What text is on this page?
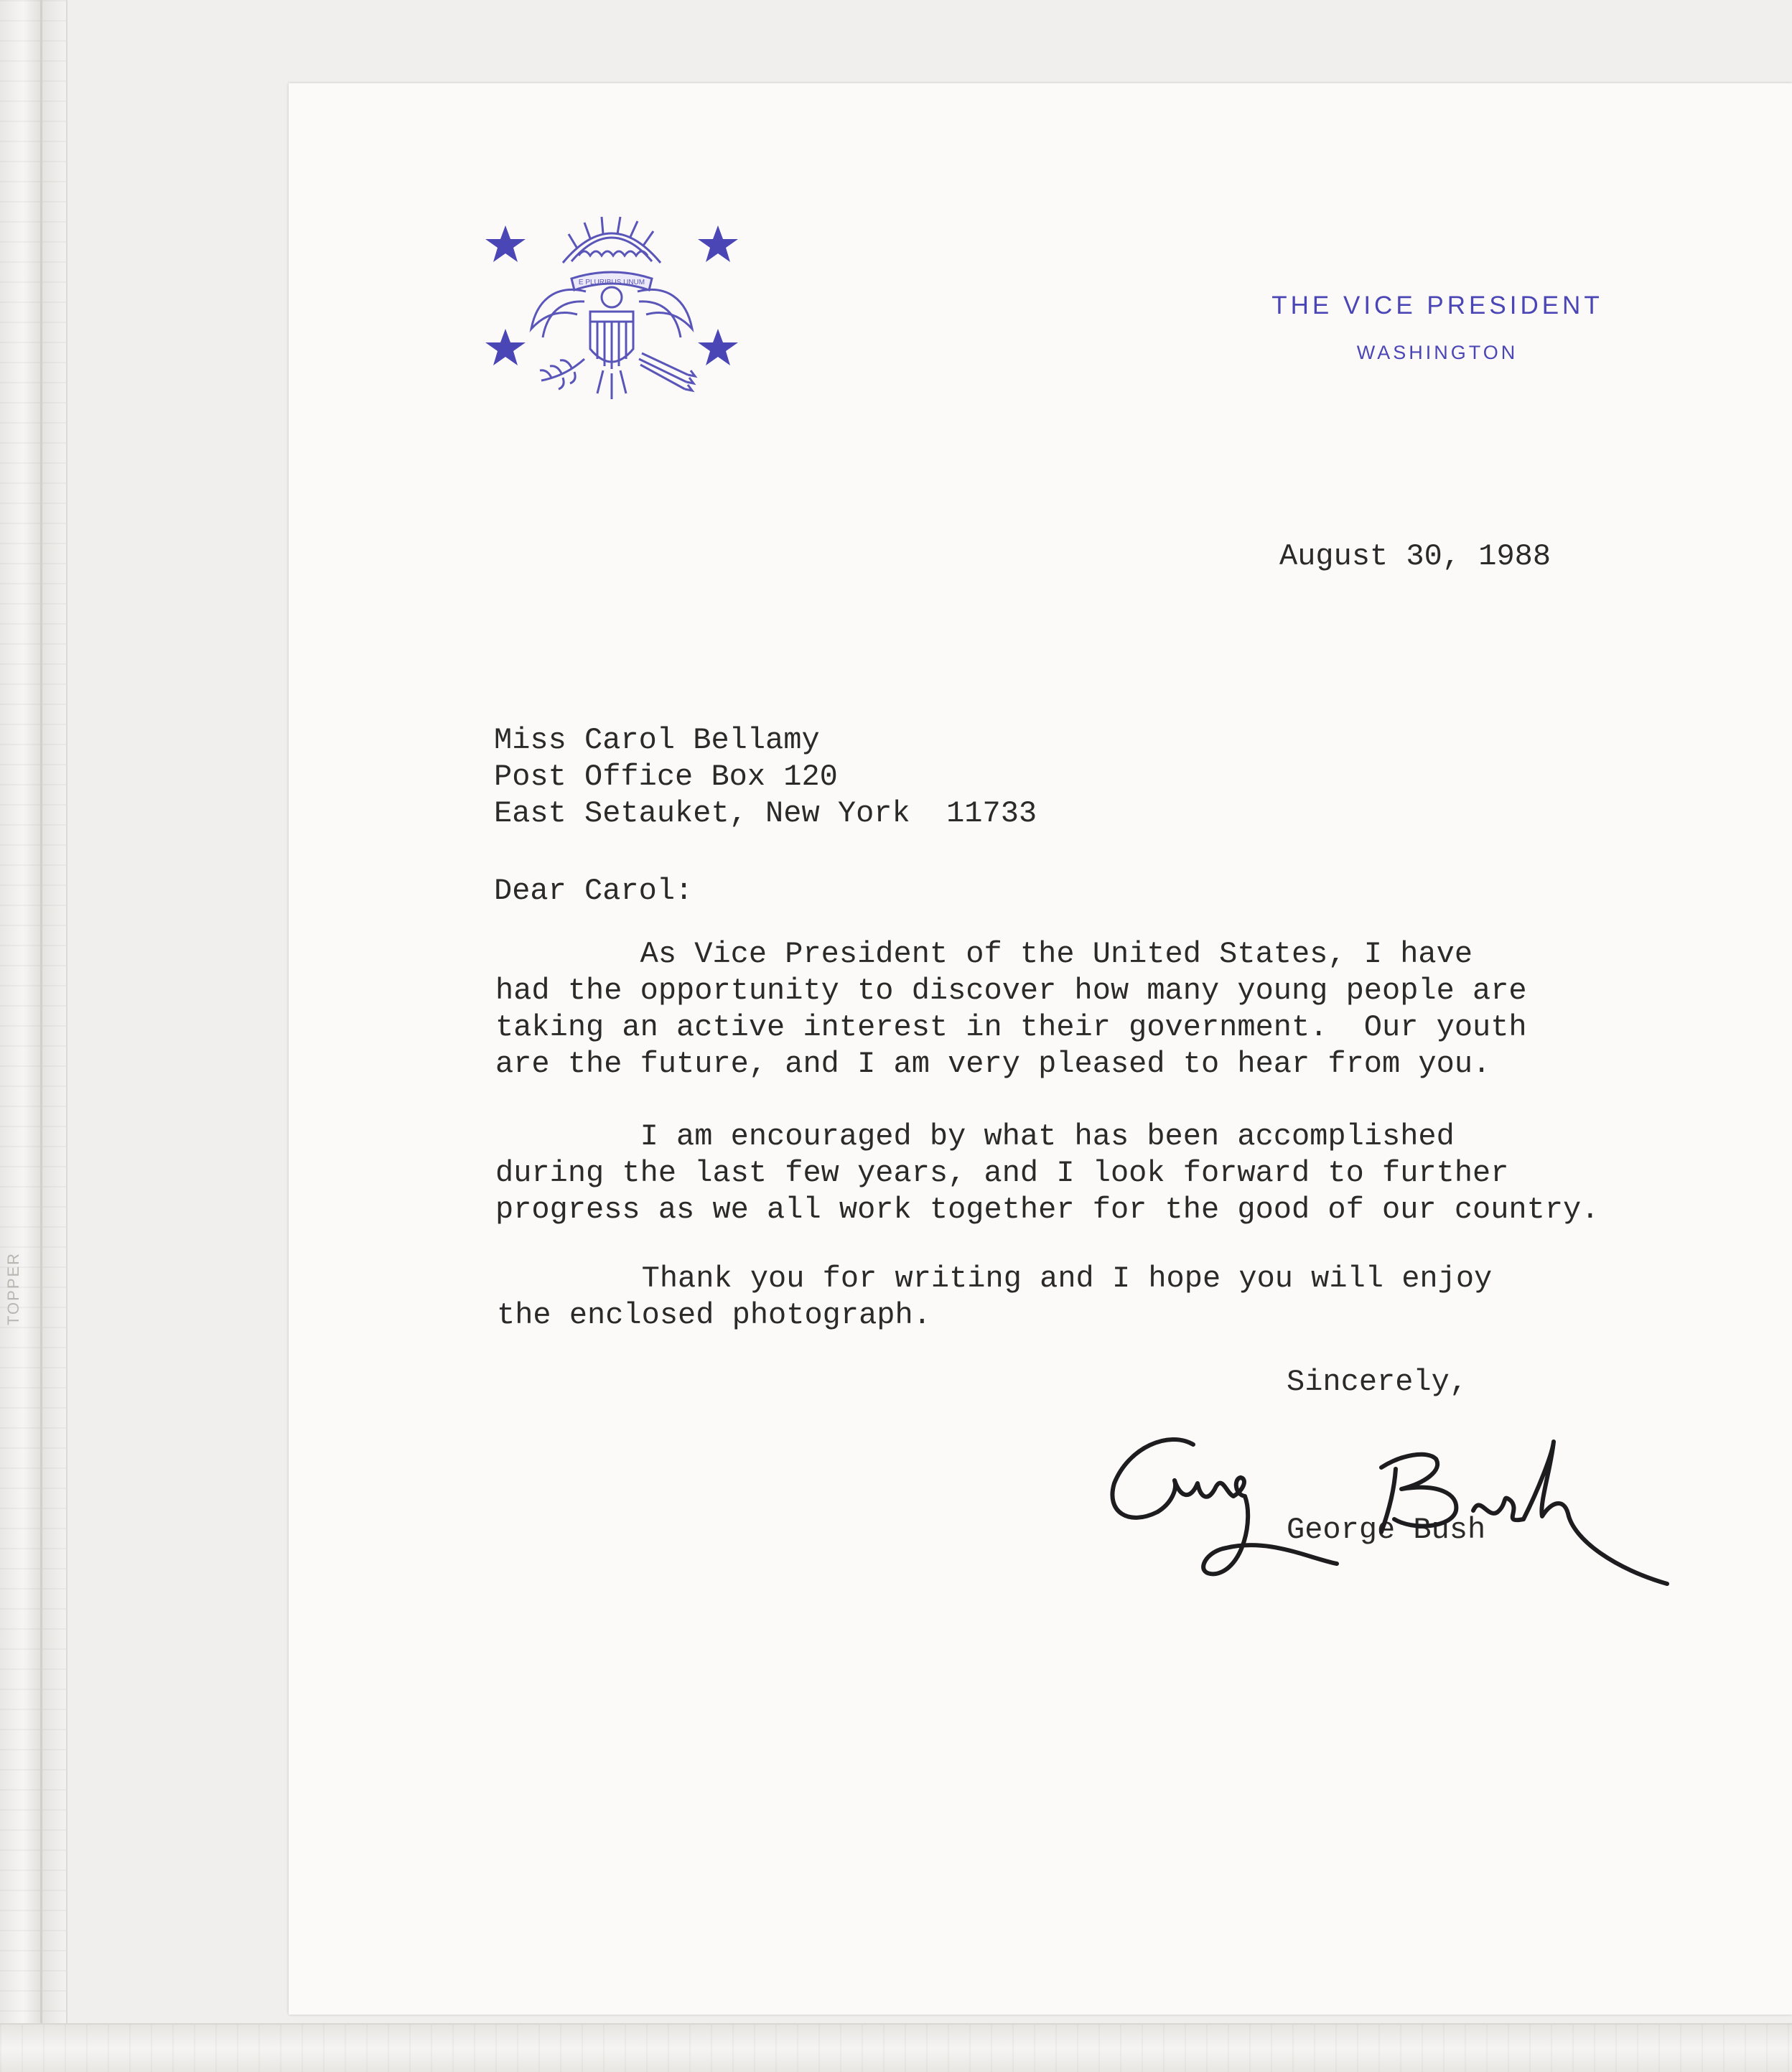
TOPPER
E PLURIBUS UNUM
THE VICE PRESIDENT
WASHINGTON
August 30, 1988
Miss Carol Bellamy
Post Office Box 120
East Setauket, New York  11733
Dear Carol:
As Vice President of the United States, I have
had the opportunity to discover how many young people are
taking an active interest in their government.  Our youth
are the future, and I am very pleased to hear from you.
I am encouraged by what has been accomplished
during the last few years, and I look forward to further
progress as we all work together for the good of our country.
Thank you for writing and I hope you will enjoy
the enclosed photograph.
Sincerely,
George Bush
